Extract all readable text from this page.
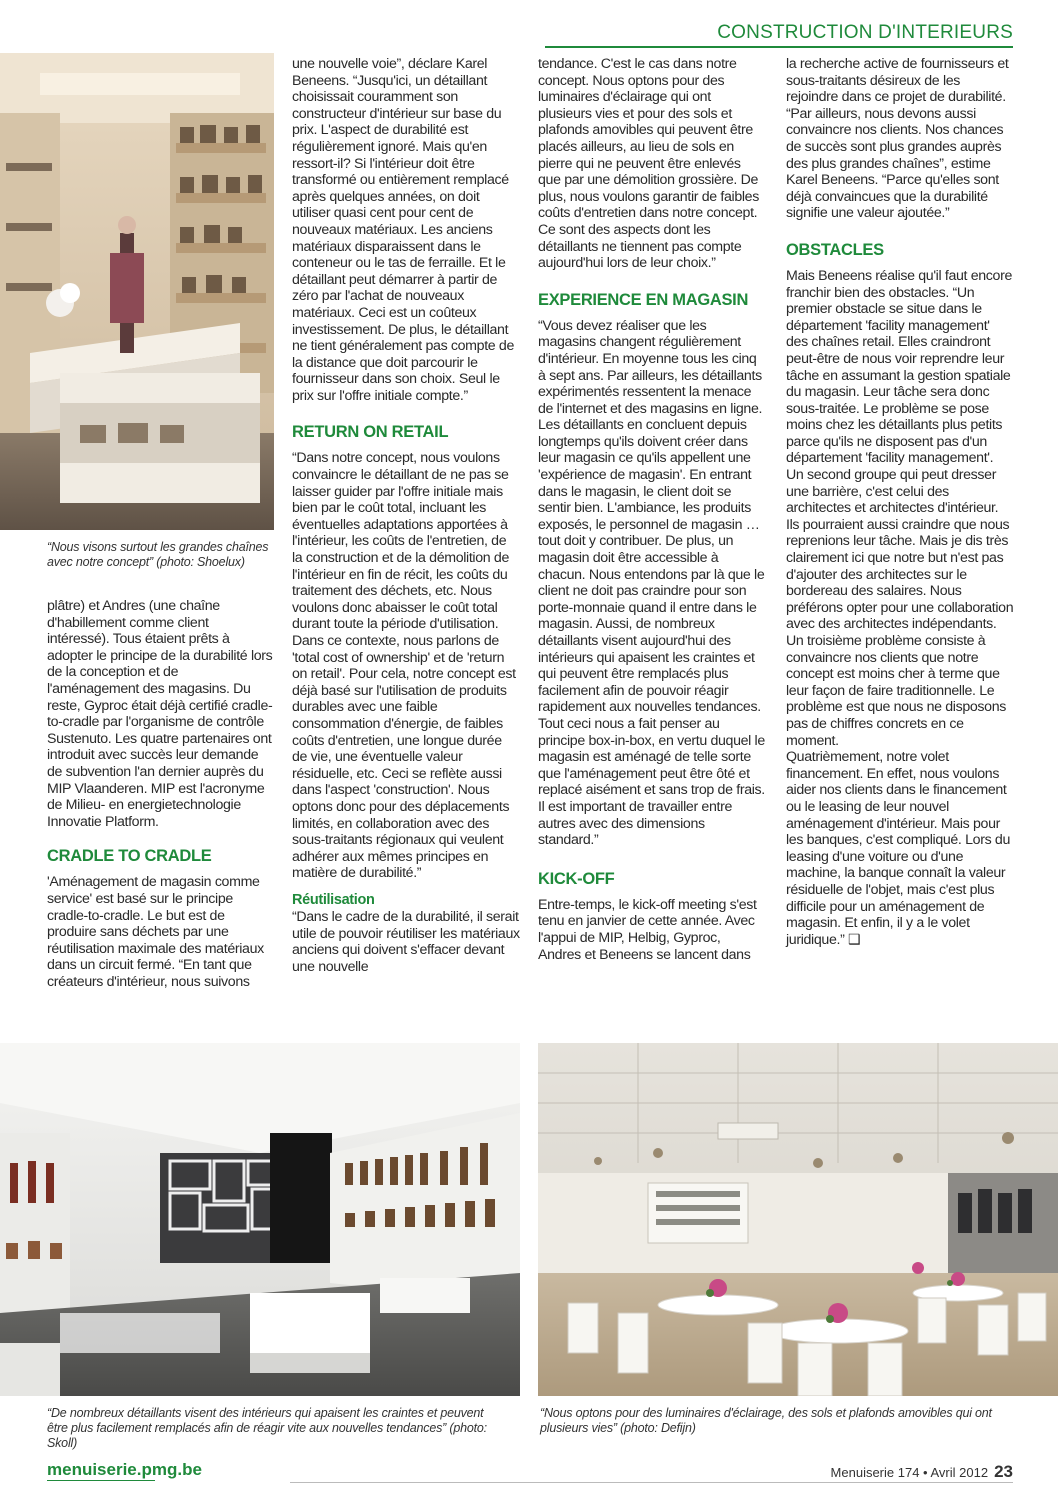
CONSTRUCTION D'INTERIEURS
“Nous visons surtout les grandes chaînes avec notre concept” (photo: Shoelux)

plâtre) et Andres (une chaîne d'habillement comme client intéressé). Tous étaient prêts à adopter le principe de la durabilité lors de la conception et de l'aménagement des magasins. Du reste, Gyproc était déjà certifié cradle-to-cradle par l'organisme de contrôle Sustenuto. Les quatre partenaires ont introduit avec succès leur demande de subvention l'an dernier auprès du MIP Vlaanderen. MIP est l'acronyme de Milieu- en energietechnologie Innovatie Platform.

CRADLE TO CRADLE

'Aménagement de magasin comme service' est basé sur le principe cradle-to-cradle. Le but est de produire sans déchets par une réutilisation maximale des matériaux dans un circuit fermé. “En tant que créateurs d'intérieur, nous suivons

une nouvelle voie”, déclare Karel Beneens. “Jusqu'ici, un détaillant choisissait couramment son constructeur d'intérieur sur base du prix. L'aspect de durabilité est régulièrement ignoré. Mais qu'en ressort-il? Si l'intérieur doit être transformé ou entièrement remplacé après quelques années, on doit utiliser quasi cent pour cent de nouveaux matériaux. Les anciens matériaux disparaissent dans le conteneur ou le tas de ferraille. Et le détaillant peut démarrer à partir de zéro par l'achat de nouveaux matériaux. Ceci est un coûteux investissement. De plus, le détaillant ne tient généralement pas compte de la distance que doit parcourir le fournisseur dans son choix. Seul le prix sur l'offre initiale compte.”

RETURN ON RETAIL

“Dans notre concept, nous voulons convaincre le détaillant de ne pas se laisser guider par l'offre initiale mais bien par le coût total, incluant les éventuelles adaptations apportées à l'intérieur, les coûts de l'entretien, de la construction et de la démolition de l'intérieur en fin de récit, les coûts du traitement des déchets, etc. Nous voulons donc abaisser le coût total durant toute la période d'utilisation. Dans ce contexte, nous parlons de 'total cost of ownership' et de 'return on retail'. Pour cela, notre concept est déjà basé sur l'utilisation de produits durables avec une faible consommation d'énergie, de faibles coûts d'entretien, une longue durée de vie, une éventuelle valeur résiduelle, etc. Ceci se reflète aussi dans l'aspect 'construction'. Nous optons donc pour des déplacements limités, en collaboration avec des sous-traitants régionaux qui veulent adhérer aux mêmes principes en matière de durabilité.”

Réutilisation

“Dans le cadre de la durabilité, il serait utile de pouvoir réutiliser les matériaux anciens qui doivent s'effacer devant une nouvelle

tendance. C'est le cas dans notre concept. Nous optons pour des luminaires d'éclairage qui ont plusieurs vies et pour des sols et plafonds amovibles qui peuvent être placés ailleurs, au lieu de sols en pierre qui ne peuvent être enlevés que par une démolition grossière. De plus, nous voulons garantir de faibles coûts d'entretien dans notre concept. Ce sont des aspects dont les détaillants ne tiennent pas compte aujourd'hui lors de leur choix.”

EXPERIENCE EN MAGASIN

“Vous devez réaliser que les magasins changent régulièrement d'intérieur. En moyenne tous les cinq à sept ans. Par ailleurs, les détaillants expérimentés ressentent la menace de l'internet et des magasins en ligne. Les détaillants en concluent depuis longtemps qu'ils doivent créer dans leur magasin ce qu'ils appellent une 'expérience de magasin'. En entrant dans le magasin, le client doit se sentir bien. L'ambiance, les produits exposés, le personnel de magasin … tout doit y contribuer. De plus, un magasin doit être accessible à chacun. Nous entendons par là que le client ne doit pas craindre pour son porte-monnaie quand il entre dans le magasin. Aussi, de nombreux détaillants visent aujourd'hui des intérieurs qui apaisent les craintes et qui peuvent être remplacés plus facilement afin de pouvoir réagir rapidement aux nouvelles tendances. Tout ceci nous a fait penser au principe box-in-box, en vertu duquel le magasin est aménagé de telle sorte que l'aménagement peut être ôté et replacé aisément et sans trop de frais. Il est important de travailler entre autres avec des dimensions standard.”

KICK-OFF

Entre-temps, le kick-off meeting s'est tenu en janvier de cette année. Avec l'appui de MIP, Helbig, Gyproc, Andres et Beneens se lancent dans

la recherche active de fournisseurs et sous-traitants désireux de les rejoindre dans ce projet de durabilité. “Par ailleurs, nous devons aussi convaincre nos clients. Nos chances de succès sont plus grandes auprès des plus grandes chaînes”, estime Karel Beneens. “Parce qu'elles sont déjà convaincues que la durabilité signifie une valeur ajoutée.”

OBSTACLES

Mais Beneens réalise qu'il faut encore franchir bien des obstacles. “Un premier obstacle se situe dans le département 'facility management' des chaînes retail. Elles craindront peut-être de nous voir reprendre leur tâche en assumant la gestion spatiale du magasin. Leur tâche sera donc sous-traitée. Le problème se pose moins chez les détaillants plus petits parce qu'ils ne disposent pas d'un département 'facility management'.

Un second groupe qui peut dresser une barrière, c'est celui des architectes et architectes d'intérieur. Ils pourraient aussi craindre que nous reprenions leur tâche. Mais je dis très clairement ici que notre but n'est pas d'ajouter des architectes sur le bordereau des salaires. Nous préférons opter pour une collaboration avec des architectes indépendants.

Un troisième problème consiste à convaincre nos clients que notre concept est moins cher à terme que leur façon de faire traditionnelle. Le problème est que nous ne disposons pas de chiffres concrets en ce moment.

Quatrièmement, notre volet financement. En effet, nous voulons aider nos clients dans le financement ou le leasing de leur nouvel aménagement d'intérieur. Mais pour les banques, c'est compliqué. Lors du leasing d'une voiture ou d'une machine, la banque connaît la valeur résiduelle de l'objet, mais c'est plus difficile pour un aménagement de magasin. Et enfin, il y a le volet juridique.” ❑

“De nombreux détaillants visent des intérieurs qui apaisent les craintes et peuvent être plus facilement remplacés afin de réagir vite aux nouvelles tendances” (photo: Skoll)
“Nous optons pour des luminaires d'éclairage, des sols et plafonds amovibles qui ont plusieurs vies” (photo: Defijn)
menuiserie.pmg.be	Menuiserie 174 • Avril 2012 23
